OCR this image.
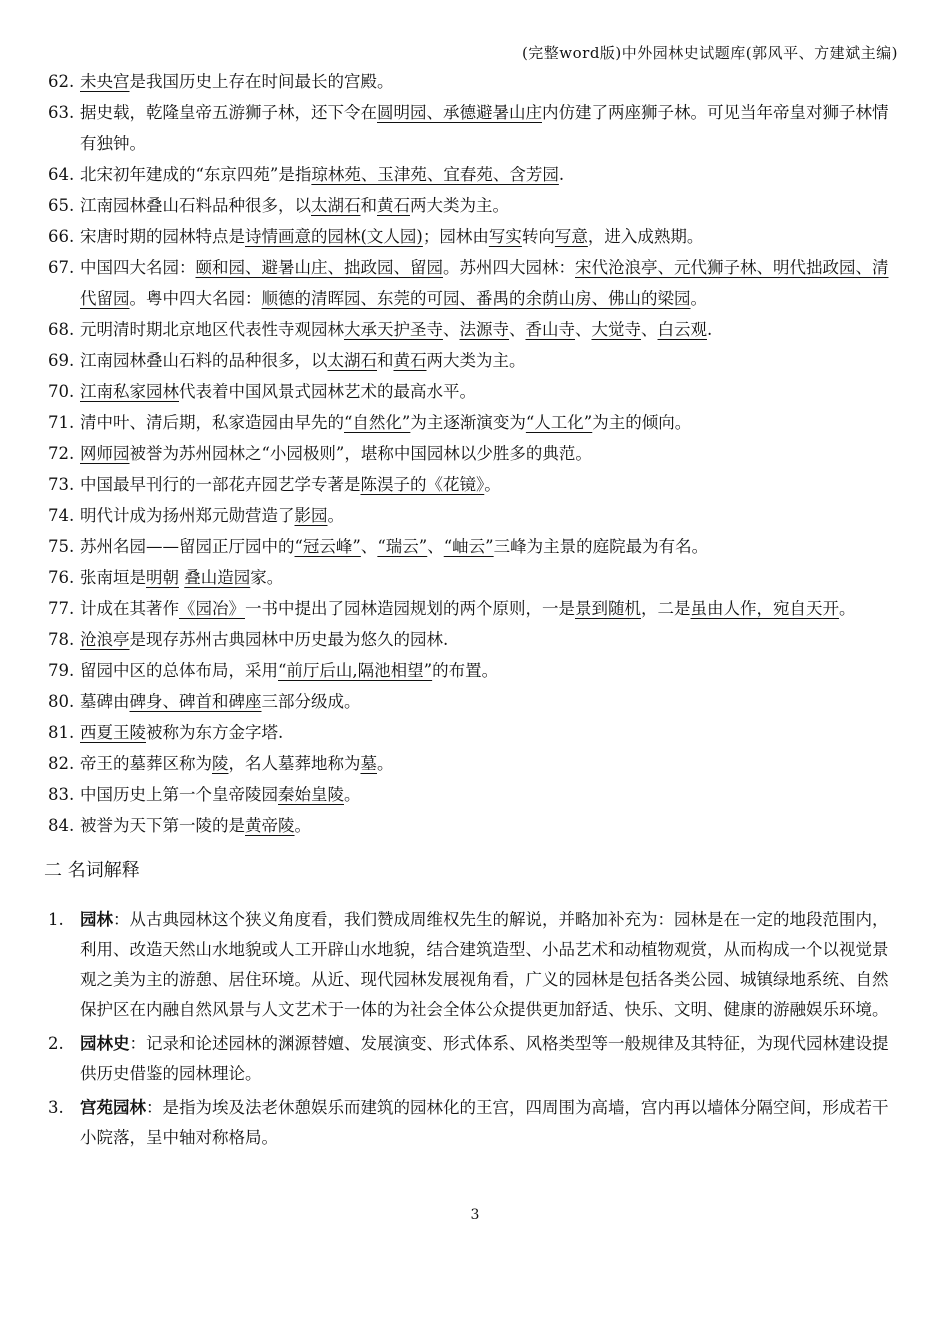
(完整word版)中外园林史试题库(郭风平、方建斌主编)
62. 未央宫是我国历史上存在时间最长的宫殿。
63. 据史载，乾隆皇帝五游狮子林，还下令在圆明园、承德避暑山庄内仿建了两座狮子林。可见当年帝皇对狮子林情有独钟。
64. 北宋初年建成的“东京四苑”是指琼林苑、玉津苑、宜春苑、含芳园.
65. 江南园林叠山石料品种很多，以太湖石和黄石两大类为主。
66. 宋唐时期的园林特点是诗情画意的园林(文人园)；园林由写实转向写意，进入成熟期。
67. 中国四大名园：颐和园、避暑山庄、拙政园、留园。苏州四大园林：宋代沧浪亭、元代狮子林、明代拙政园、清代留园。粤中四大名园：顺德的清晖园、东莞的可园、番禺的余荫山房、佛山的梁园。
68. 元明清时期北京地区代表性寺观园林大承天护圣寺、法源寺、香山寺、大觉寺、白云观.
69. 江南园林叠山石料的品种很多，以太湖石和黄石两大类为主。
70. 江南私家园林代表着中国风景式园林艺术的最高水平。
71. 清中叶、清后期，私家造园由早先的“自然化”为主逐渐演变为“人工化”为主的倾向。
72. 网师园被誉为苏州园林之“小园极则”，堪称中国园林以少胜多的典范。
73. 中国最早刊行的一部花卉园艺学专著是陈淏子的《花镜》。
74. 明代计成为扬州郑元勋营造了影园。
75. 苏州名园——留园正厅园中的“冠云峰”、“瑞云”、“岫云”三峰为主景的庭院最为有名。
76. 张南垣是明朝 叠山造园家。
77. 计成在其著作《园冶》一书中提出了园林造园规划的两个原则，一是景到随机，二是虽由人作，宛自天开。
78. 沧浪亭是现存苏州古典园林中历史最为悠久的园林.
79. 留园中区的总体布局，采用“前厅后山,隔池相望”的布置。
80. 墓碑由碑身、碑首和碑座三部分级成。
81. 西夏王陵被称为东方金字塔.
82. 帝王的墓葬区称为陵，名人墓葬地称为墓。
83. 中国历史上第一个皇帝陵园秦始皇陵。
84. 被誉为天下第一陵的是黄帝陵。
二 名词解释
1. 园林：从古典园林这个狭义角度看，我们赞成周维权先生的解说，并略加补充为：园林是在一定的地段范围内，利用、改造天然山水地貌或人工开辟山水地貌，结合建筑造型、小品艺术和动植物观赏，从而构成一个以视觉景观之美为主的游憩、居住环境。从近、现代园林发展视角看，广义的园林是包括各类公园、城镇绿地系统、自然保护区在内融自然风景与人文艺术于一体的为社会全体公众提供更加舒适、快乐、文明、健康的游融娱乐环境。
2. 园林史：记录和论述园林的渊源替嬗、发展演变、形式体系、风格类型等一般规律及其特征，为现代园林建设提供历史借鉴的园林理论。
3. 宫苑园林：是指为埃及法老休憩娱乐而建筑的园林化的王宫，四周围为高墙，宫内再以墙体分隔空间，形成若干小院落，呈中轴对称格局。
3
